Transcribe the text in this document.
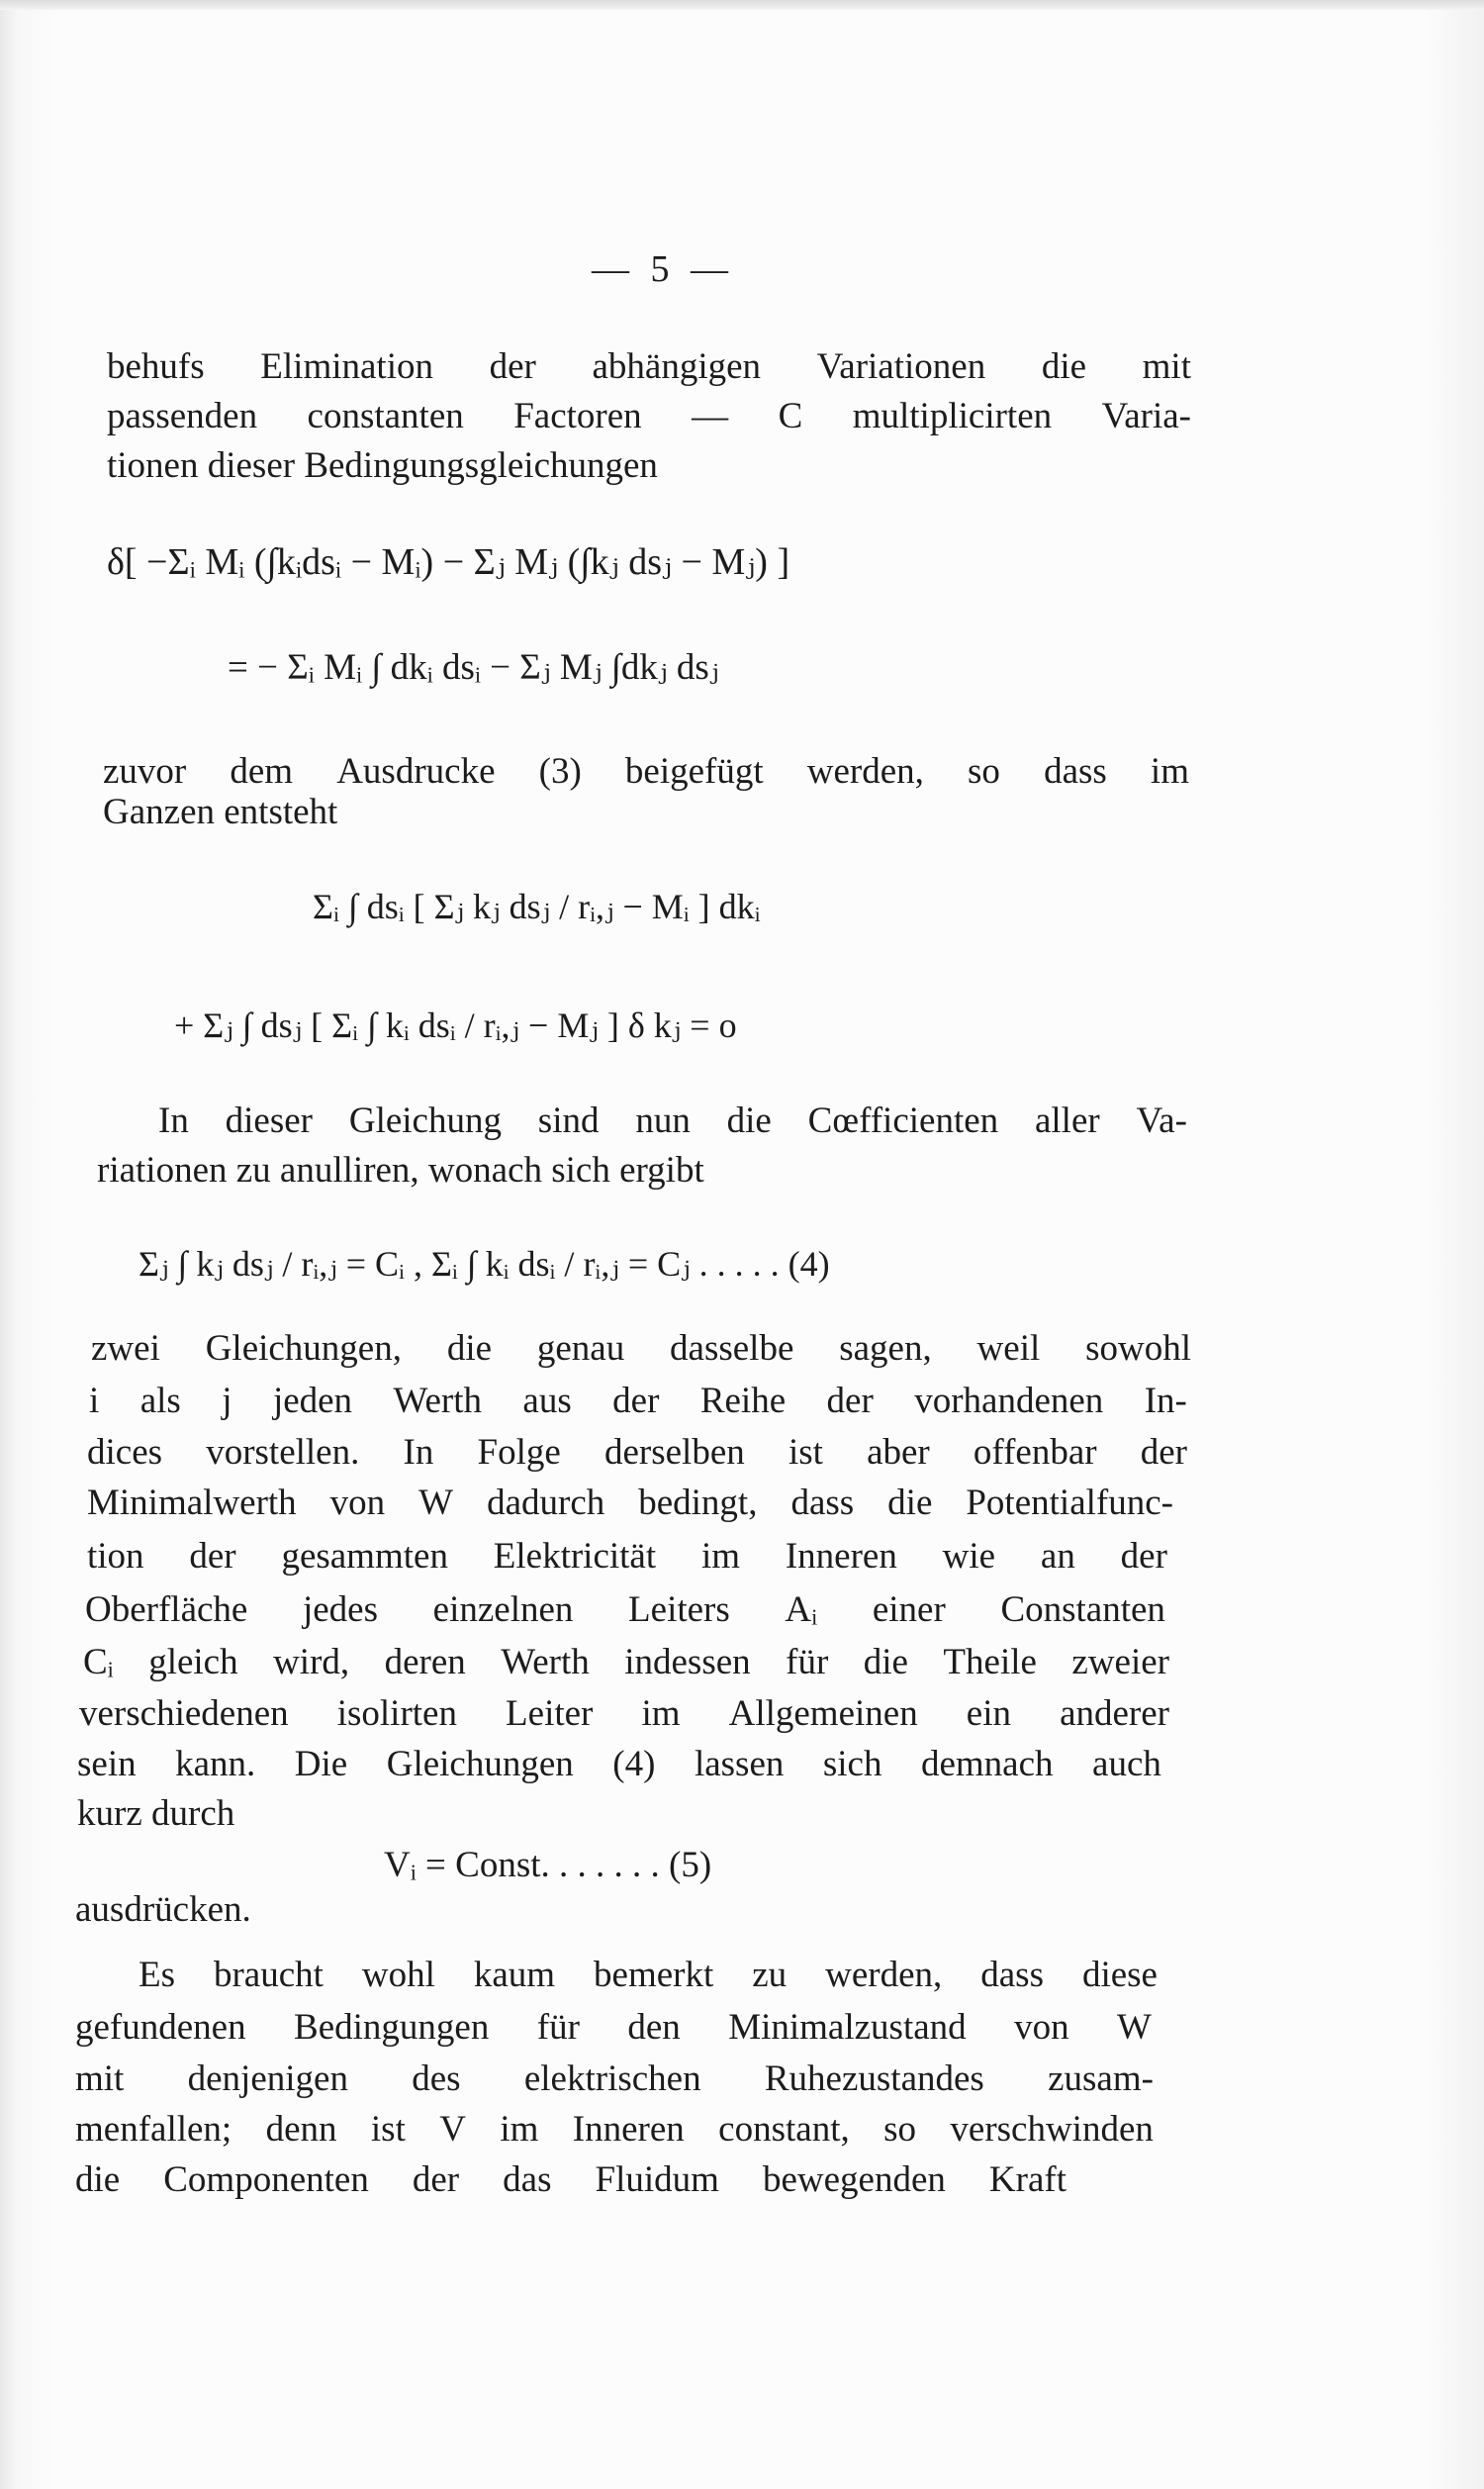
— 5 —
behufs Elimination der abhängigen Variationen die mit
passenden constanten Factoren — C multiplicirten Varia-
tionen dieser Bedingungsgleichungen
δ[ −Σᵢ Mᵢ (∫kᵢdsᵢ − Mᵢ) − Σⱼ Mⱼ (∫kⱼ dsⱼ − Mⱼ) ]
= − Σᵢ Mᵢ ∫ dkᵢ dsᵢ − Σⱼ Mⱼ ∫dkⱼ dsⱼ
zuvor dem Ausdrucke (3) beigefügt werden, so dass im
Ganzen entsteht
Σᵢ ∫ dsᵢ [ Σⱼ kⱼ dsⱼ / rᵢ,ⱼ − Mᵢ ] dkᵢ
+ Σⱼ ∫ dsⱼ [ Σᵢ ∫ kᵢ dsᵢ / rᵢ,ⱼ − Mⱼ ] δ kⱼ = o
In dieser Gleichung sind nun die Cœfficienten aller Va-
riationen zu anulliren, wonach sich ergibt
Σⱼ ∫ kⱼ dsⱼ / rᵢ,ⱼ = Cᵢ , Σᵢ ∫ kᵢ dsᵢ / rᵢ,ⱼ = Cⱼ . . . . . (4)
zwei Gleichungen, die genau dasselbe sagen, weil sowohl
i als j jeden Werth aus der Reihe der vorhandenen In-
dices vorstellen. In Folge derselben ist aber offenbar der
Minimalwerth von W dadurch bedingt, dass die Potentialfunc-
tion der gesammten Elektricität im Inneren wie an der
Oberfläche jedes einzelnen Leiters Aᵢ einer Constanten
Cᵢ gleich wird, deren Werth indessen für die Theile zweier
verschiedenen isolirten Leiter im Allgemeinen ein anderer
sein kann. Die Gleichungen (4) lassen sich demnach auch
kurz durch
Vᵢ = Const. . . . . . . (5)
ausdrücken.
Es braucht wohl kaum bemerkt zu werden, dass diese
gefundenen Bedingungen für den Minimalzustand von W
mit denjenigen des elektrischen Ruhezustandes zusam-
menfallen; denn ist V im Inneren constant, so verschwinden
die Componenten der das Fluidum bewegenden Kraft
